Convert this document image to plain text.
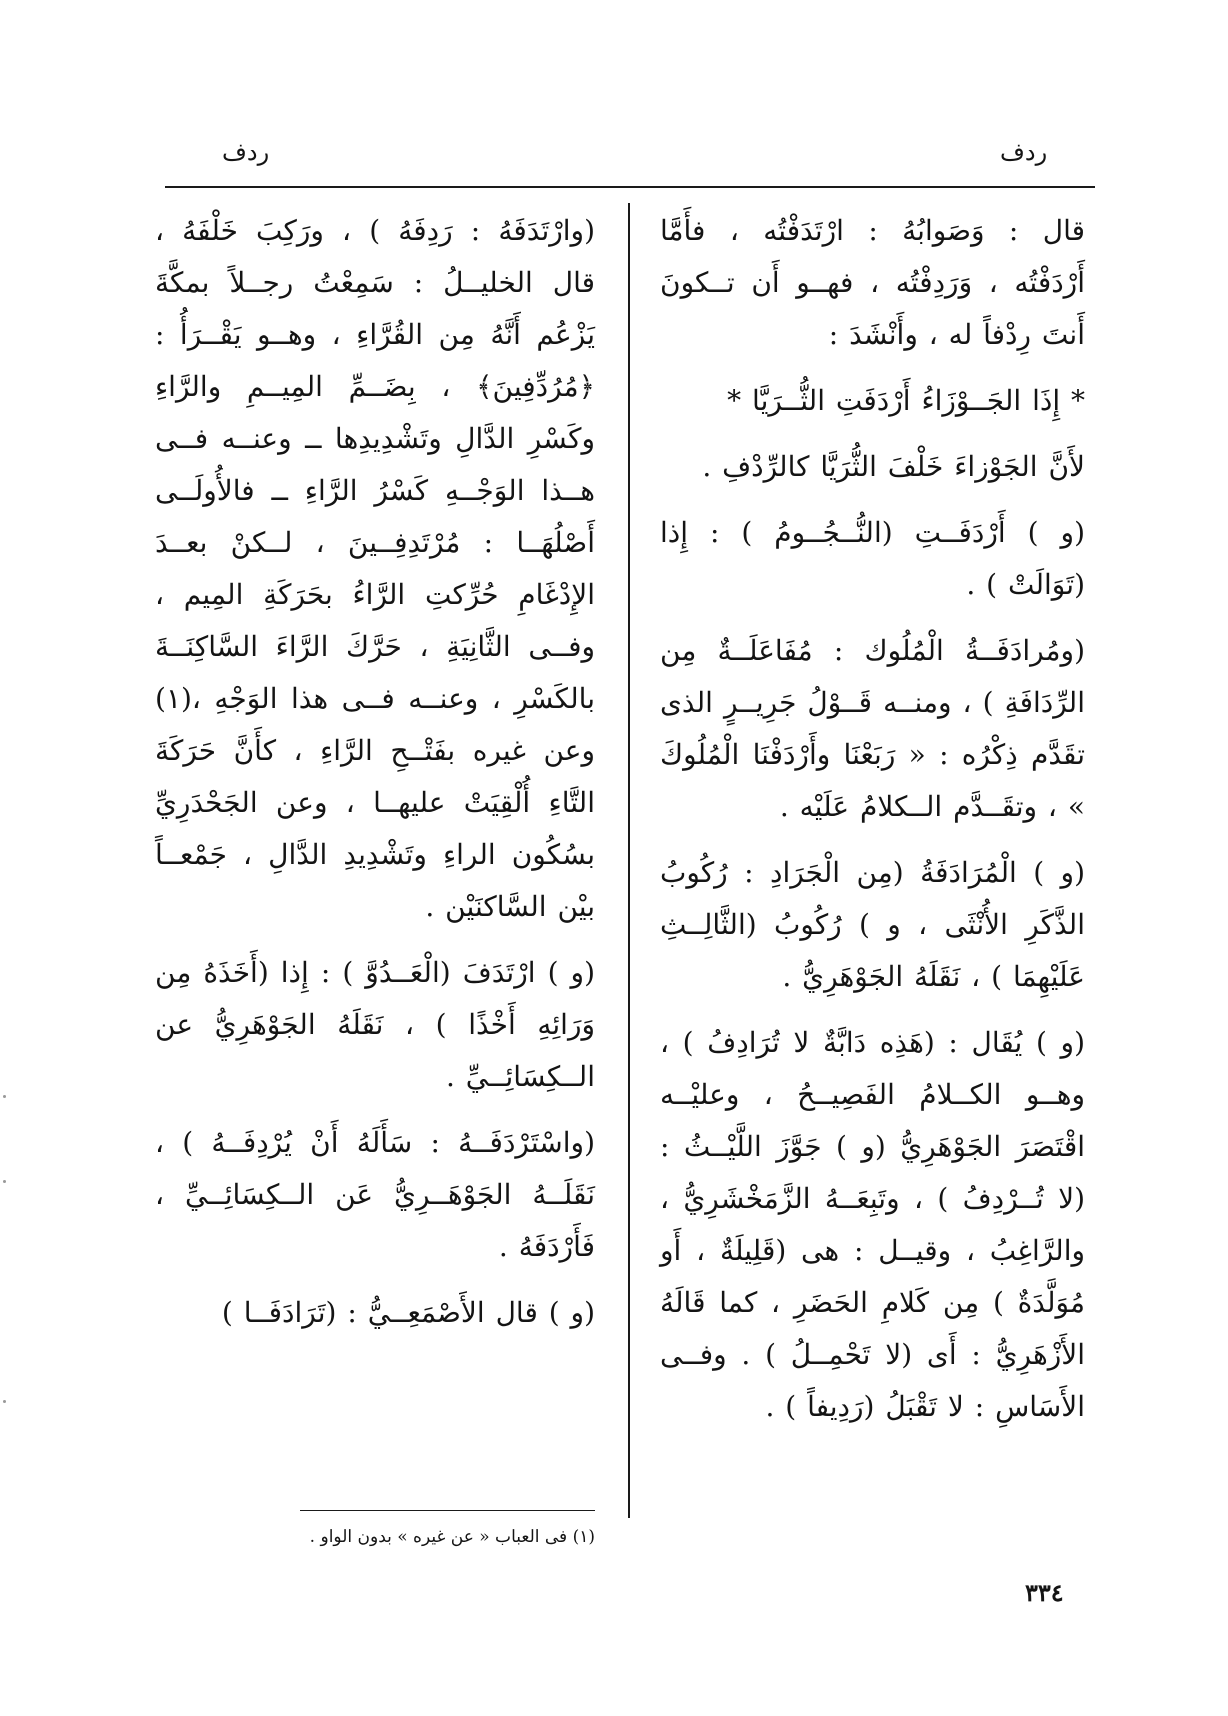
ردف
ردف

قال : وَصَوابُهُ : ارْتَدَفْتُه ، فأَمَّا أَرْدَفْتُه ، وَرَدِفْتُه ، فهــو أَن تــكونَ أَنتَ رِدْفاً له ، وأَنْشَدَ :

* إِذَا الجَــوْزَاءُ أَرْدَفَتِ الثُّــرَيَّا *

لأَنَّ الجَوْزاءَ خَلْفَ الثُّرَيَّا كالرِّدْفِ .

(و ) أَرْدَفَــتِ (النُّــجُــومُ ) : إِذا (تَوَالَتْ ) .

(ومُرادَفَــةُ الْمُلُوك : مُفَاعَلَــةٌ مِن الرِّدَافَةِ ) ، ومنــه قَــوْلُ جَرِيــرٍ الذى تقَدَّم ذِكْرُه : « رَبَعْنَا وأَرْدَفْنَا الْمُلُوكَ » ، وتقَــدَّم الــكلامُ عَلَيْه .

(و ) الْمُرَادَفَةُ (مِن الْجَرَادِ : رُكُوبُ الذَّكَرِ الأُنْثَى ، و ) رُكُوبُ (الثَّالِــثِ عَلَيْهِمَا ) ، نَقَلَهُ الجَوْهَرِيُّ .

(و ) يُقَال : (هَذِه دَابَّةٌ لا تُرَادِفُ ) ، وهــو الكــلامُ الفَصِيــحُ ، وعليْــه اقْتَصَرَ الجَوْهَرِيُّ (و ) جَوَّزَ اللَّيْــثُ : (لا تُــرْدِفُ ) ، وتَبِعَــهُ الزَّمَخْشَرِيُّ ، والرَّاغِبُ ، وقيــل : هى (قَلِيلَةٌ ، أَو مُوَلَّدَةٌ ) مِن كَلامِ الحَضَرِ ، كما قَالَهُ الأَزْهَرِيُّ : أَى (لا تَحْمِــلُ ) . وفــى الأَسَاسِ : لا تَقْبَلُ (رَدِيفاً ) .

(وارْتَدَفَهُ : رَدِفَهُ ) ، ورَكِبَ خَلْفَهُ ، قال الخليــلُ : سَمِعْتُ رجــلاً بمكَّةَ يَزْعُم أَنَّهُ مِن القُرَّاءِ ، وهــو يَقْــرَأُ : ﴿مُرُدِّفِينَ﴾ ، بِضَــمِّ المِيــمِ والرَّاءِ وكَسْرِ الدَّالِ وتَشْدِيدِها ــ وعنــه فــى هــذا الوَجْــهِ كَسْرُ الرَّاءِ ــ فالأُولَــى أَصْلُهَــا : مُرْتَدِفِــينَ ، لــكنْ بعــدَ الإِدْغَامِ حُرِّكتِ الرَّاءُ بحَرَكَةِ المِيم ، وفــى الثَّانِيَةِ ، حَرَّكَ الرَّاءَ السَّاكِنَــةَ بالكَسْرِ ، وعنــه فــى هذا الوَجْهِ ،(١) وعن غيره بفَتْــحِ الرَّاءِ ، كأَنَّ حَرَكَةَ التَّاءِ أُلْقِيَتْ عليهــا ، وعن الجَحْدَرِيِّ بسُكُون الراءِ وتَشْدِيدِ الدَّالِ ، جَمْعــاً بيْن السَّاكنَيْن .

(و ) ارْتَدَفَ (الْعَــدُوَّ ) : إِذا (أَخَذَهُ مِن وَرَائِهِ أَخْذًا ) ، نَقَلَهُ الجَوْهَرِيُّ عن الــكِسَائِــيِّ .

(واسْتَرْدَفَــهُ : سَأَلَهُ أَنْ يُرْدِفَــهُ ) ، نَقَلَــهُ الجَوْهَــرِيُّ عَن الــكِسَائِــيِّ ، فَأَرْدَفَهُ .

(و ) قال الأَصْمَعِــيُّ : (تَرَادَفَــا )

(١) فى العباب « عن غيره » بدون الواو .
٣٣٤
